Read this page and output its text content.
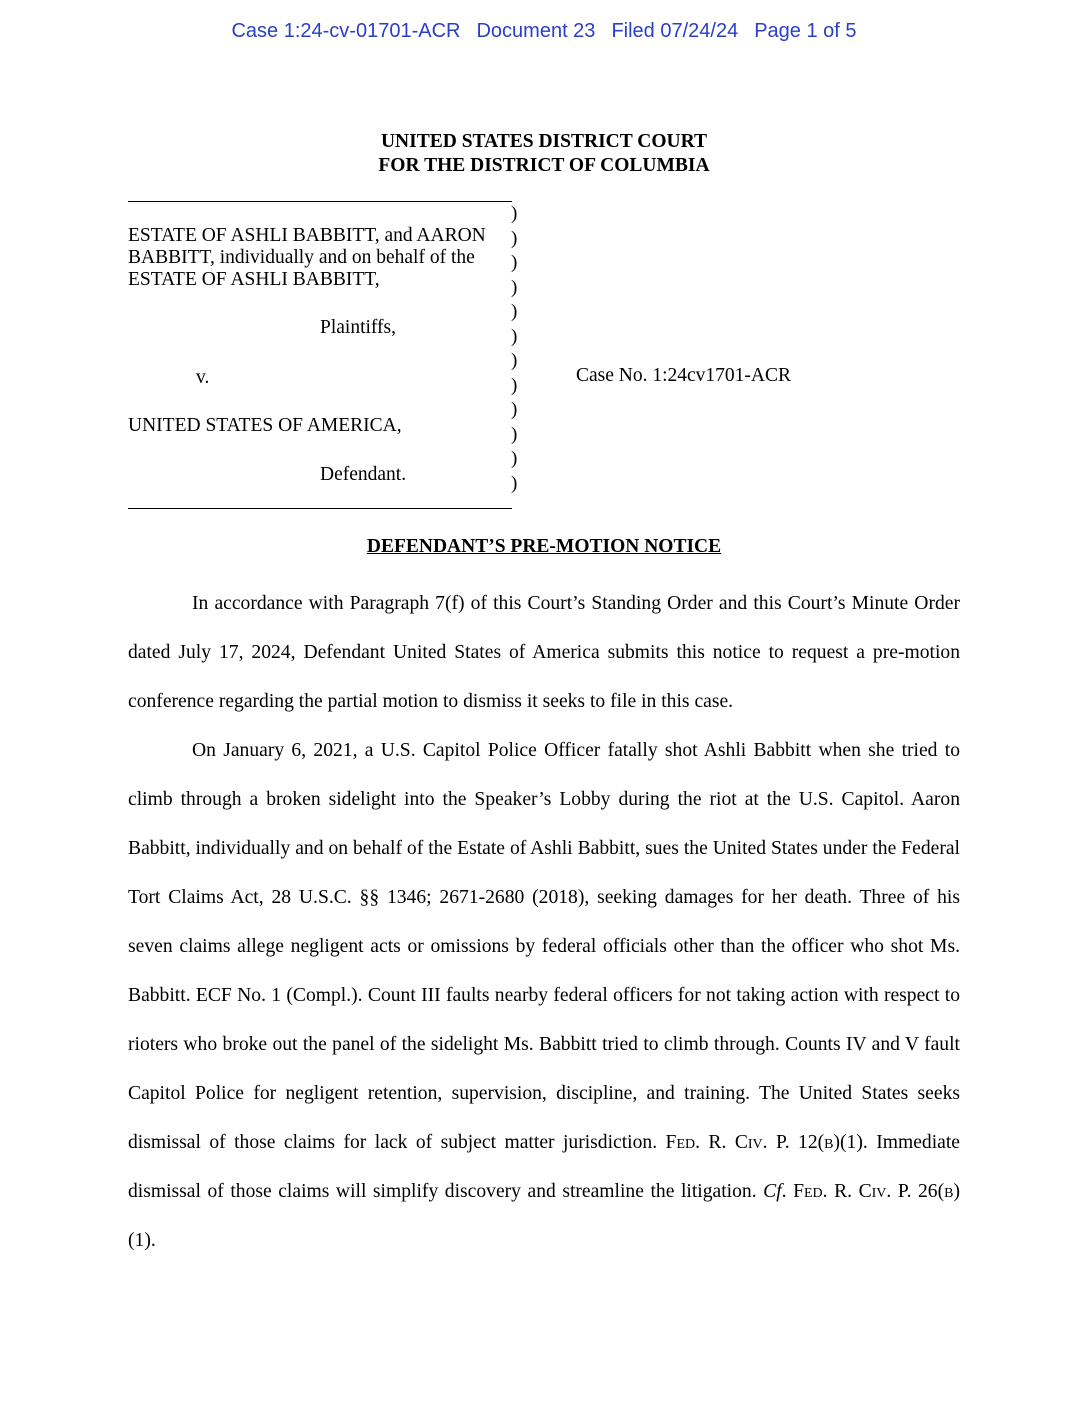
Case 1:24-cv-01701-ACR Document 23 Filed 07/24/24 Page 1 of 5
UNITED STATES DISTRICT COURT
FOR THE DISTRICT OF COLUMBIA
)
)
)
)
)
)
)
)
)
)
)
)
ESTATE OF ASHLI BABBITT, and AARON BABBITT, individually and on behalf of the ESTATE OF ASHLI BABBITT,
Plaintiffs,
v.
UNITED STATES OF AMERICA,
Defendant.
Case No. 1:24cv1701-ACR
DEFENDANT’S PRE-MOTION NOTICE

In accordance with Paragraph 7(f) of this Court’s Standing Order and this Court’s Minute Order dated July 17, 2024, Defendant United States of America submits this notice to request a pre-motion conference regarding the partial motion to dismiss it seeks to file in this case.

On January 6, 2021, a U.S. Capitol Police Officer fatally shot Ashli Babbitt when she tried to climb through a broken sidelight into the Speaker’s Lobby during the riot at the U.S. Capitol. Aaron Babbitt, individually and on behalf of the Estate of Ashli Babbitt, sues the United States under the Federal Tort Claims Act, 28 U.S.C. §§ 1346; 2671-2680 (2018), seeking damages for her death. Three of his seven claims allege negligent acts or omissions by federal officials other than the officer who shot Ms. Babbitt. ECF No. 1 (Compl.). Count III faults nearby federal officers for not taking action with respect to rioters who broke out the panel of the sidelight Ms. Babbitt tried to climb through. Counts IV and V fault Capitol Police for negligent retention, supervision, discipline, and training. The United States seeks dismissal of those claims for lack of subject matter jurisdiction. Fed. R. Civ. P. 12(b)(1). Immediate dismissal of those claims will simplify discovery and streamline the litigation. Cf. Fed. R. Civ. P. 26(b)(1).
